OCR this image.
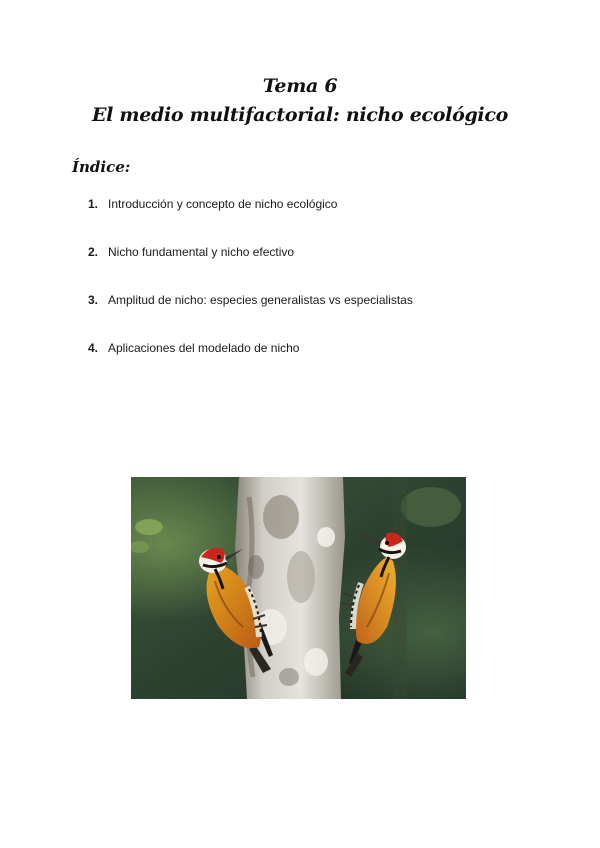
Tema 6
El medio multifactorial: nicho ecológico
Índice:
1. Introducción y concepto de nicho ecológico
2. Nicho fundamental y nicho efectivo
3. Amplitud de nicho: especies generalistas vs especialistas
4. Aplicaciones del modelado de nicho
